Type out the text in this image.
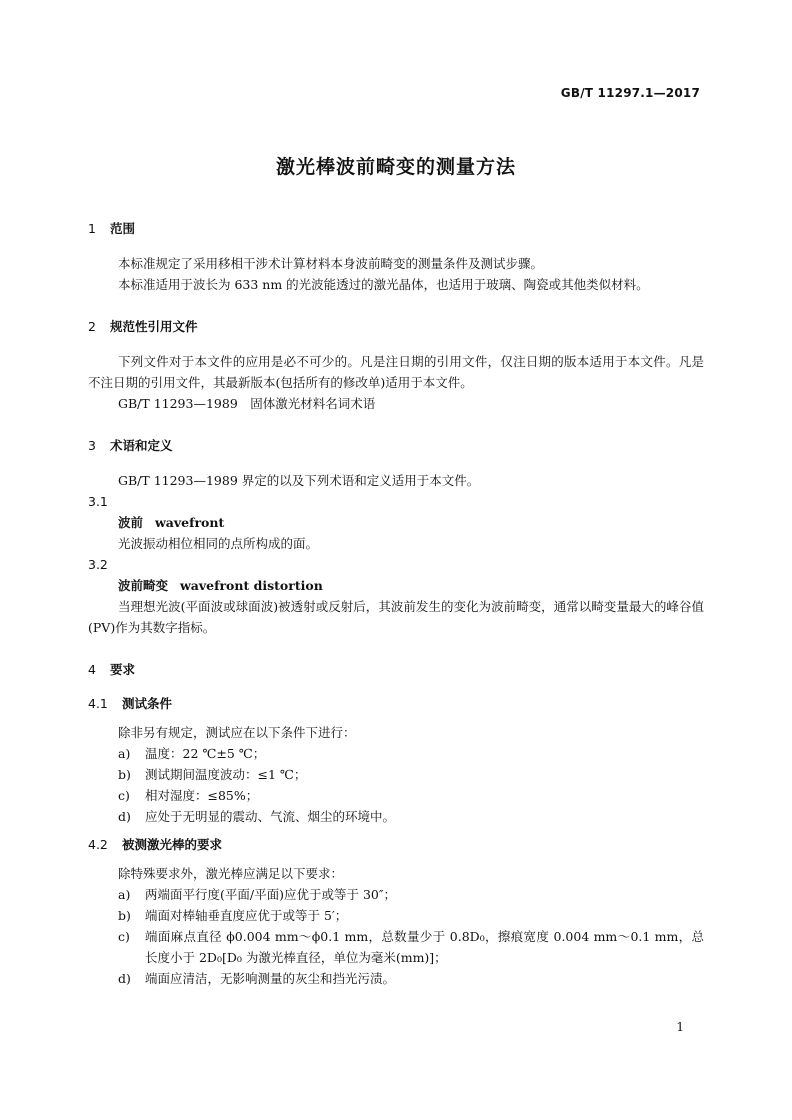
GB/T 11297.1—2017
激光棒波前畸变的测量方法
1 范围
本标准规定了采用移相干涉术计算材料本身波前畸变的测量条件及测试步骤。
本标准适用于波长为 633 nm 的光波能透过的激光晶体，也适用于玻璃、陶瓷或其他类似材料。
2 规范性引用文件
下列文件对于本文件的应用是必不可少的。凡是注日期的引用文件，仅注日期的版本适用于本文件。凡是不注日期的引用文件，其最新版本(包括所有的修改单)适用于本文件。
GB/T 11293—1989　固体激光材料名词术语
3 术语和定义
GB/T 11293—1989 界定的以及下列术语和定义适用于本文件。
3.1
波前 wavefront
光波振动相位相同的点所构成的面。
3.2
波前畸变 wavefront distortion
当理想光波(平面波或球面波)被透射或反射后，其波前发生的变化为波前畸变，通常以畸变量最大的峰谷值(PV)作为其数字指标。
4 要求
4.1 测试条件
除非另有规定，测试应在以下条件下进行：
a)	温度：22 ℃±5 ℃；
b)	测试期间温度波动：≤1 ℃；
c)	相对湿度：≤85%；
d)	应处于无明显的震动、气流、烟尘的环境中。
4.2 被测激光棒的要求
除特殊要求外，激光棒应满足以下要求：
a)	两端面平行度(平面/平面)应优于或等于 30″；
b)	端面对棒轴垂直度应优于或等于 5′；
c)	端面麻点直径 ϕ0.004 mm～ϕ0.1 mm，总数量少于 0.8D₀，擦痕宽度 0.004 mm～0.1 mm，总长度小于 2D₀[D₀ 为激光棒直径，单位为毫米(mm)]；
d)	端面应清洁，无影响测量的灰尘和挡光污渍。
1
